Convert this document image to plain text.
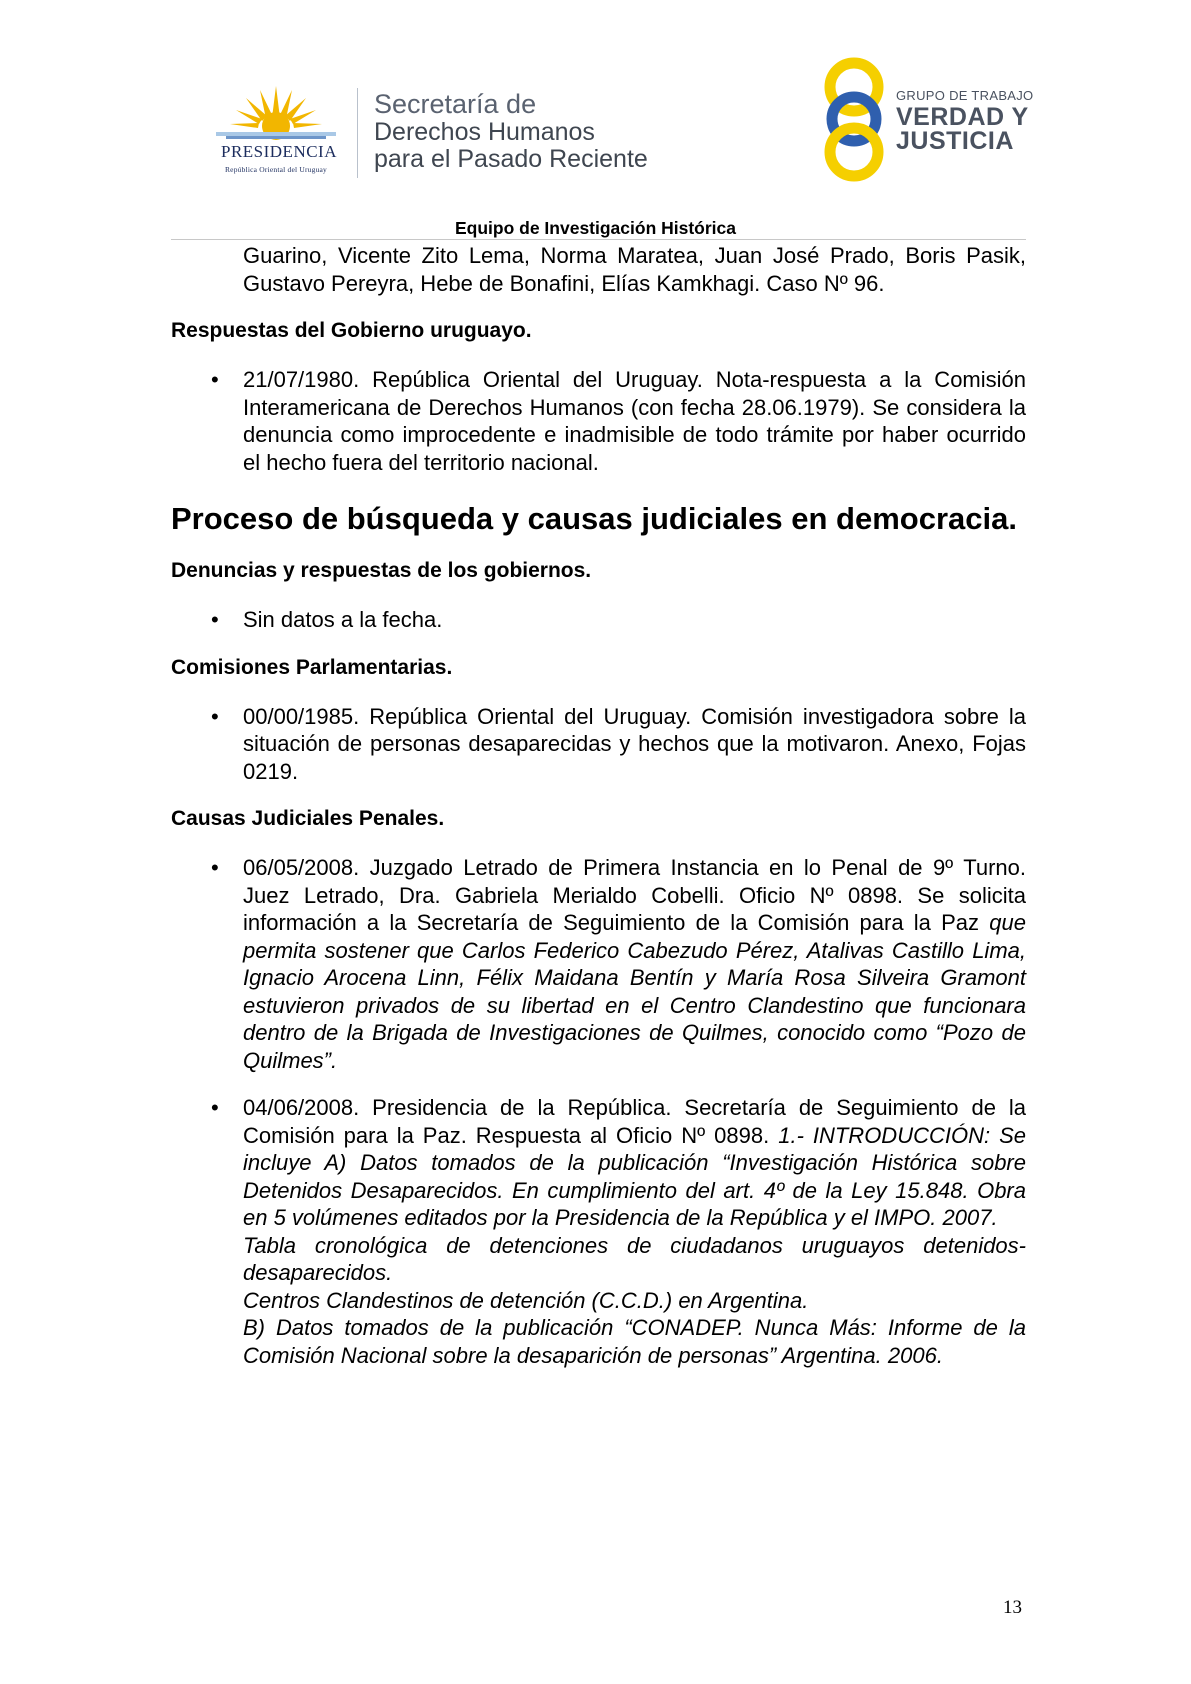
PRESIDENCIA
República Oriental del Uruguay
Secretaría de
Derechos Humanos
para el Pasado Reciente
GRUPO DE TRABAJO
VERDAD Y
JUSTICIA
Equipo de Investigación Histórica

Guarino, Vicente Zito Lema, Norma Maratea, Juan José Prado, Boris Pasik, Gustavo Pereyra, Hebe de Bonafini, Elías Kamkhagi. Caso Nº 96.

Respuestas del Gobierno uruguayo.
• 21/07/1980. República Oriental del Uruguay. Nota-respuesta a la Comisión Interamericana de Derechos Humanos (con fecha 28.06.1979). Se considera la denuncia como improcedente e inadmisible de todo trámite por haber ocurrido el hecho fuera del territorio nacional.

Proceso de búsqueda y causas judiciales en democracia.
Denuncias y respuestas de los gobiernos.
• Sin datos a la fecha.

Comisiones Parlamentarias.
• 00/00/1985. República Oriental del Uruguay. Comisión investigadora sobre la situación de personas desaparecidas y hechos que la motivaron. Anexo, Fojas 0219.

Causas Judiciales Penales.
• 06/05/2008. Juzgado Letrado de Primera Instancia en lo Penal de 9º Turno. Juez Letrado, Dra. Gabriela Merialdo Cobelli. Oficio Nº 0898. Se solicita información a la Secretaría de Seguimiento de la Comisión para la Paz que permita sostener que Carlos Federico Cabezudo Pérez, Atalivas Castillo Lima, Ignacio Arocena Linn, Félix Maidana Bentín y María Rosa Silveira Gramont estuvieron privados de su libertad en el Centro Clandestino que funcionara dentro de la Brigada de Investigaciones de Quilmes, conocido como “Pozo de Quilmes”.

• 04/06/2008. Presidencia de la República. Secretaría de Seguimiento de la Comisión para la Paz. Respuesta al Oficio Nº 0898. 1.- INTRODUCCIÓN: Se incluye A) Datos tomados de la publicación “Investigación Histórica sobre Detenidos Desaparecidos. En cumplimiento del art. 4º de la Ley 15.848. Obra en 5 volúmenes editados por la Presidencia de la República y el IMPO. 2007.

Tabla cronológica de detenciones de ciudadanos uruguayos detenidos-desaparecidos.

Centros Clandestinos de detención (C.C.D.) en Argentina.

B) Datos tomados de la publicación “CONADEP. Nunca Más: Informe de la Comisión Nacional sobre la desaparición de personas” Argentina. 2006.

13
